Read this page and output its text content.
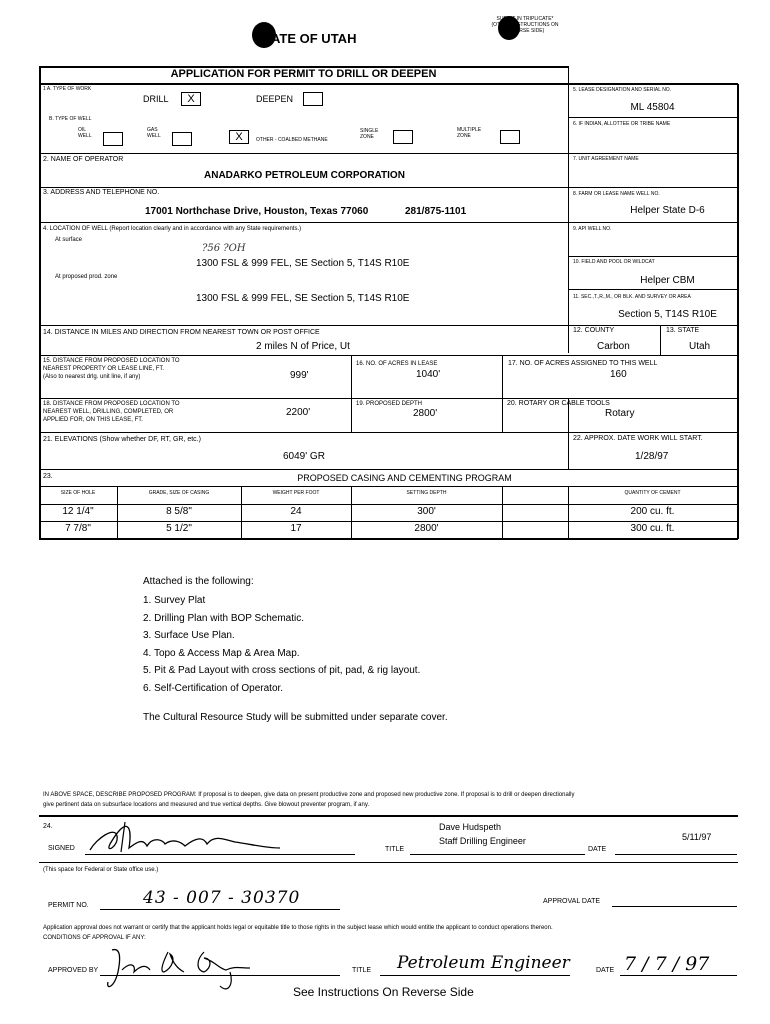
ATE OF UTAH
SUBMIT IN TRIPLICATE*
(OTHER INSTRUCTIONS ON
REVERSE SIDE)
APPLICATION FOR PERMIT TO DRILL OR DEEPEN
1 A. TYPE OF WORK
DRILL	X	DEEPEN
B. TYPE OF WELL
OIL
WELL
GAS
WELL	X	OTHER - COALBED METHANE
SINGLE
ZONE
MULTIPLE
ZONE
5. LEASE DESIGNATION AND SERIAL NO.
ML 45804
6. IF INDIAN, ALLOTTEE OR TRIBE NAME
2. NAME OF OPERATOR
ANADARKO PETROLEUM CORPORATION
7. UNIT AGREEMENT NAME
3. ADDRESS AND TELEPHONE NO.
17001 Northchase Drive, Houston, Texas 77060	281/875-1101
8. FARM OR LEASE NAME WELL NO.
Helper State D-6
4. LOCATION OF WELL (Report location clearly and in accordance with any State requirements.)
At surface
?56 ?OH
1300 FSL & 999 FEL, SE Section 5, T14S R10E
At proposed prod. zone
1300 FSL & 999 FEL, SE Section 5, T14S R10E
9. API WELL NO.
10. FIELD AND POOL OR WILDCAT
Helper CBM
11. SEC.,T.,R.,M., OR BLK. AND SURVEY OR AREA
Section 5, T14S R10E
14. DISTANCE IN MILES AND DIRECTION FROM NEAREST TOWN OR POST OFFICE
2 miles N of Price, Ut
12. COUNTY
Carbon
13. STATE
Utah
15. DISTANCE FROM PROPOSED LOCATION TO
NEAREST PROPERTY OR LEASE LINE, FT.
(Also to nearest drlg. unit line, if any)	999'
16. NO. OF ACRES IN LEASE
1040'
17. NO. OF ACRES ASSIGNED TO THIS WELL
160
18. DISTANCE FROM PROPOSED LOCATION TO
NEAREST WELL, DRILLING, COMPLETED, OR
APPLIED FOR, ON THIS LEASE, FT.
2200'
19. PROPOSED DEPTH
2800'
20. ROTARY OR CABLE TOOLS
Rotary
21. ELEVATIONS (Show whether DF, RT, GR, etc.)
6049' GR
22. APPROX. DATE WORK WILL START.
1/28/97
23.	PROPOSED CASING AND CEMENTING PROGRAM
SIZE OF HOLE	GRADE, SIZE OF CASING	WEIGHT PER FOOT	SETTING DEPTH	QUANTITY OF CEMENT
12 1/4"	8 5/8"	24	300'	200 cu. ft.
7 7/8"	5 1/2"	17	2800'	300 cu. ft.
Attached is the following:
1. Survey Plat
2. Drilling Plan with BOP Schematic.
3. Surface Use Plan.
4. Topo & Access Map & Area Map.
5. Pit & Pad Layout with cross sections of pit, pad, & rig layout.
6. Self-Certification of Operator.
The Cultural Resource Study will be submitted under separate cover.
IN ABOVE SPACE, DESCRIBE PROPOSED PROGRAM: If proposal is to deepen, give data on present productive zone and proposed new productive zone. If proposal is to drill or deepen directionally
give pertinent data on subsurface locations and measured and true vertical depths. Give blowout preventer program, if any.
24.
SIGNED	TITLE
Dave Hudspeth
Staff Drilling Engineer
DATE
5/11/97
(This space for Federal or State office use.)
PERMIT NO.	43 - 007 - 30370	APPROVAL DATE
Application approval does not warrant or certify that the applicant holds legal or equitable title to those rights in the subject lease which would entitle the applicant to conduct operations thereon.
CONDITIONS OF APPROVAL IF ANY:
APPROVED BY	TITLE Petroleum Engineer	DATE 7 / 7 / 97
See Instructions On Reverse Side
